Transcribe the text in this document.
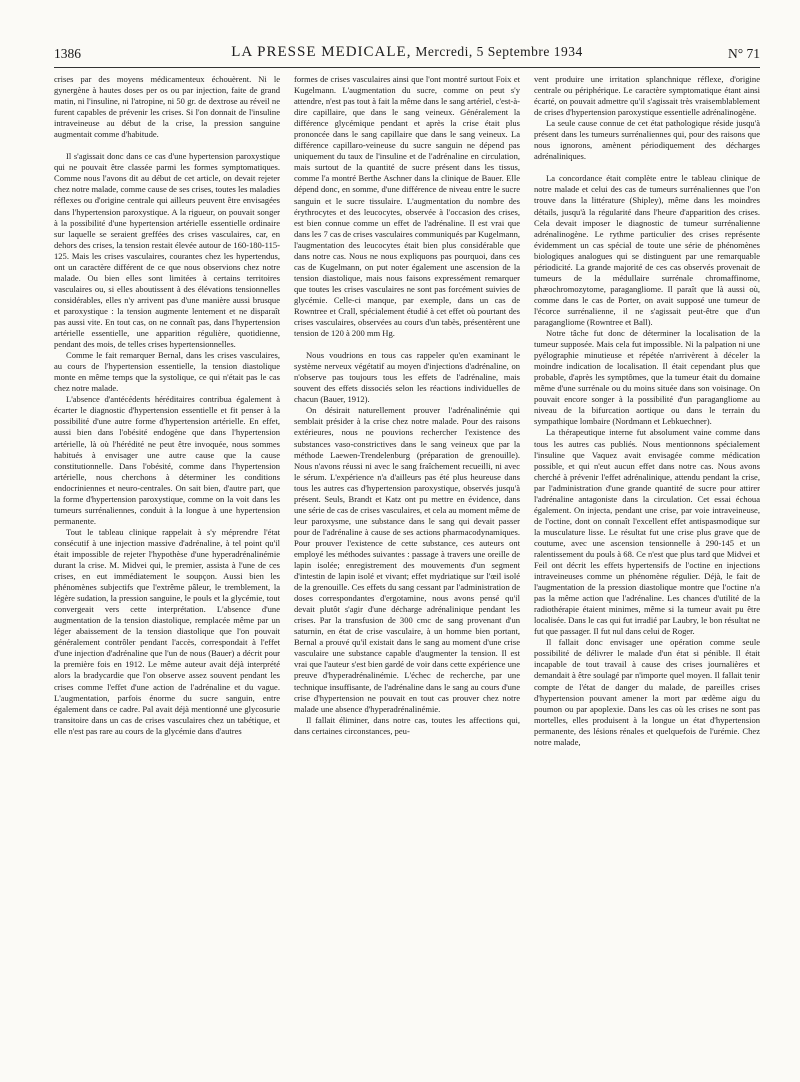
1386	LA PRESSE MEDICALE, Mercredi, 5 Septembre 1934	N° 71

crises par des moyens médicamenteux échouèrent. Ni le gynergène à hautes doses per os ou par injection, faite de grand matin, ni l'insuline, ni l'atropine, ni 50 gr. de dextrose au réveil ne furent capables de prévenir les crises. Si l'on donnait de l'insuline intraveineuse au début de la crise, la pression sanguine augmentait comme d'habitude.

Il s'agissait donc dans ce cas d'une hypertension paroxystique qui ne pouvait être classée parmi les formes symptomatiques. Comme nous l'avons dit au début de cet article, on devait rejeter chez notre malade, comme cause de ses crises, toutes les maladies réflexes ou d'origine centrale qui ailleurs peuvent être envisagées dans l'hypertension paroxystique. A la rigueur, on pouvait songer à la possibilité d'une hypertension artérielle essentielle ordinaire sur laquelle se seraient greffées des crises vasculaires, car, en dehors des crises, la tension restait élevée autour de 160-180-115-125. Mais les crises vasculaires, courantes chez les hypertendus, ont un caractère différent de ce que nous observions chez notre malade. Ou bien elles sont limitées à certains territoires vasculaires ou, si elles aboutissent à des élévations tensionnelles considérables, elles n'y arrivent pas d'une manière aussi brusque et paroxystique : la tension augmente lentement et ne disparaît pas aussi vite. En tout cas, on ne connaît pas, dans l'hypertension artérielle essentielle, une apparition régulière, quotidienne, pendant des mois, de telles crises hypertensionnelles.

Comme le fait remarquer Bernal, dans les crises vasculaires, au cours de l'hypertension essentielle, la tension diastolique monte en même temps que la systolique, ce qui n'était pas le cas chez notre malade.

L'absence d'antécédents héréditaires contribua également à écarter le diagnostic d'hypertension essentielle et fit penser à la possibilité d'une autre forme d'hypertension artérielle. En effet, aussi bien dans l'obésité endogène que dans l'hypertension artérielle, là où l'hérédité ne peut être invoquée, nous sommes habitués à envisager une autre cause que la cause constitutionnelle. Dans l'obésité, comme dans l'hypertension artérielle, nous cherchons à déterminer les conditions endocriniennes et neuro-centrales. On sait bien, d'autre part, que la forme d'hypertension paroxystique, comme on la voit dans les tumeurs surrénaliennes, conduit à la longue à une hypertension permanente.

Tout le tableau clinique rappelait à s'y méprendre l'état consécutif à une injection massive d'adrénaline, à tel point qu'il était impossible de rejeter l'hypothèse d'une hyperadrénalinémie durant la crise. M. Midvei qui, le premier, assista à l'une de ces crises, en eut immédiatement le soupçon. Aussi bien les phénomènes subjectifs que l'extrême pâleur, le tremblement, la légère sudation, la pression sanguine, le pouls et la glycémie, tout convergeait vers cette interprétation. L'absence d'une augmentation de la tension diastolique, remplacée même par un léger abaissement de la tension diastolique que l'on pouvait généralement contrôler pendant l'accès, correspondait à l'effet d'une injection d'adrénaline que l'un de nous (Bauer) a décrit pour la première fois en 1912. Le même auteur avait déjà interprété alors la bradycardie que l'on observe assez souvent pendant les crises comme l'effet d'une action de l'adrénaline et du vague. L'augmentation, parfois énorme du sucre sanguin, entre également dans ce cadre. Pal avait déjà mentionné une glycosurie transitoire dans un cas de crises vasculaires chez un tabétique, et elle n'est pas rare au cours de la glycémie dans d'autres

formes de crises vasculaires ainsi que l'ont montré surtout Foix et Kugelmann. L'augmentation du sucre, comme on peut s'y attendre, n'est pas tout à fait la même dans le sang artériel, c'est-à-dire capillaire, que dans le sang veineux. Généralement la différence glycémique pendant et après la crise était plus prononcée dans le sang capillaire que dans le sang veineux. La différence capillaro-veineuse du sucre sanguin ne dépend pas uniquement du taux de l'insuline et de l'adrénaline en circulation, mais surtout de la quantité de sucre présent dans les tissus, comme l'a montré Berthe Aschner dans la clinique de Bauer. Elle dépend donc, en somme, d'une différence de niveau entre le sucre sanguin et le sucre tissulaire. L'augmentation du nombre des érythrocytes et des leucocytes, observée à l'occasion des crises, est bien connue comme un effet de l'adrénaline. Il est vrai que dans les 7 cas de crises vasculaires communiqués par Kugelmann, l'augmentation des leucocytes était bien plus considérable que dans notre cas. Nous ne nous expliquons pas pourquoi, dans ces cas de Kugelmann, on put noter également une ascension de la tension diastolique, mais nous faisons expressément remarquer que toutes les crises vasculaires ne sont pas forcément suivies de glycémie. Celle-ci manque, par exemple, dans un cas de Rowntree et Crall, spécialement étudié à cet effet où pourtant des crises vasculaires, observées au cours d'un tabès, présentèrent une tension de 120 à 200 mm Hg.

Nous voudrions en tous cas rappeler qu'en examinant le système nerveux végétatif au moyen d'injections d'adrénaline, on n'observe pas toujours tous les effets de l'adrénaline, mais souvent des effets dissociés selon les réactions individuelles de chacun (Bauer, 1912).

On désirait naturellement prouver l'adrénalinémie qui semblait présider à la crise chez notre malade. Pour des raisons extérieures, nous ne pouvions rechercher l'existence des substances vaso-constrictives dans le sang veineux que par la méthode Laewen-Trendelenburg (préparation de grenouille). Nous n'avons réussi ni avec le sang fraîchement recueilli, ni avec le sérum. L'expérience n'a d'ailleurs pas été plus heureuse dans tous les autres cas d'hypertension paroxystique, observés jusqu'à présent. Seuls, Brandt et Katz ont pu mettre en évidence, dans une série de cas de crises vasculaires, et cela au moment même de leur paroxysme, une substance dans le sang qui devait passer pour de l'adrénaline à cause de ses actions pharmacodynamiques. Pour prouver l'existence de cette substance, ces auteurs ont employé les méthodes suivantes : passage à travers une oreille de lapin isolée; enregistrement des mouvements d'un segment d'intestin de lapin isolé et vivant; effet mydriatique sur l'œil isolé de la grenouille. Ces effets du sang cessant par l'administration de doses correspondantes d'ergotamine, nous avons pensé qu'il devait plutôt s'agir d'une décharge adrénalinique pendant les crises. Par la transfusion de 300 cmc de sang provenant d'un saturnin, en état de crise vasculaire, à un homme bien portant, Bernal a prouvé qu'il existait dans le sang au moment d'une crise vasculaire une substance capable d'augmenter la tension. Il est vrai que l'auteur s'est bien gardé de voir dans cette expérience une preuve d'hyperadrénalinémie. L'échec de recherche, par une technique insuffisante, de l'adrénaline dans le sang au cours d'une crise d'hypertension ne pouvait en tout cas prouver chez notre malade une absence d'hyperadrénalinémie.

Il fallait éliminer, dans notre cas, toutes les affections qui, dans certaines circonstances, peu-

vent produire une irritation splanchnique réflexe, d'origine centrale ou périphérique. Le caractère symptomatique étant ainsi écarté, on pouvait admettre qu'il s'agissait très vraisemblablement de crises d'hypertension paroxystique essentielle adrénalinogène.

La seule cause connue de cet état pathologique réside jusqu'à présent dans les tumeurs surrénaliennes qui, pour des raisons que nous ignorons, amènent périodiquement des décharges adrénaliniques.

La concordance était complète entre le tableau clinique de notre malade et celui des cas de tumeurs surrénaliennes que l'on trouve dans la littérature (Shipley), même dans les moindres détails, jusqu'à la régularité dans l'heure d'apparition des crises. Cela devait imposer le diagnostic de tumeur surrénalienne adrénalinogène. Le rythme particulier des crises représente évidemment un cas spécial de toute une série de phénomènes biologiques analogues qui se distinguent par une remarquable périodicité. La grande majorité de ces cas observés provenait de tumeurs de la médullaire surrénale chromaffinome, phæochromozytome, paragangliome. Il paraît que là aussi où, comme dans le cas de Porter, on avait supposé une tumeur de l'écorce surrénalienne, il ne s'agissait peut-être que d'un paragangliome (Rowntree et Ball).

Notre tâche fut donc de déterminer la localisation de la tumeur supposée. Mais cela fut impossible. Ni la palpation ni une pyélographie minutieuse et répétée n'arrivèrent à déceler la moindre indication de localisation. Il était cependant plus que probable, d'après les symptômes, que la tumeur était du domaine même d'une surrénale ou du moins située dans son voisinage. On pouvait encore songer à la possibilité d'un paragangliome au niveau de la bifurcation aortique ou dans le terrain du sympathique lombaire (Nordmann et Lebkuechner).

La thérapeutique interne fut absolument vaine comme dans tous les autres cas publiés. Nous mentionnons spécialement l'insuline que Vaquez avait envisagée comme médication possible, et qui n'eut aucun effet dans notre cas. Nous avons cherché à prévenir l'effet adrénalinique, attendu pendant la crise, par l'administration d'une grande quantité de sucre pour attirer l'adrénaline antagoniste dans la circulation. Cet essai échoua également. On injecta, pendant une crise, par voie intraveineuse, de l'octine, dont on connaît l'excellent effet antispasmodique sur la musculature lisse. Le résultat fut une crise plus grave que de coutume, avec une ascension tensionnelle à 290-145 et un ralentissement du pouls à 68. Ce n'est que plus tard que Midvei et Feil ont décrit les effets hypertensifs de l'octine en injections intraveineuses comme un phénomène régulier. Déjà, le fait de l'augmentation de la pression diastolique montre que l'octine n'a pas la même action que l'adrénaline. Les chances d'utilité de la radiothérapie étaient minimes, même si la tumeur avait pu être localisée. Dans le cas qui fut irradié par Laubry, le bon résultat ne fut que passager. Il fut nul dans celui de Roger.

Il fallait donc envisager une opération comme seule possibilité de délivrer le malade d'un état si pénible. Il était incapable de tout travail à cause des crises journalières et demandait à être soulagé par n'importe quel moyen. Il fallait tenir compte de l'état de danger du malade, de pareilles crises d'hypertension pouvant amener la mort par œdème aigu du poumon ou par apoplexie. Dans les cas où les crises ne sont pas mortelles, elles produisent à la longue un état d'hypertension permanente, des lésions rénales et quelquefois de l'urémie. Chez notre malade,
